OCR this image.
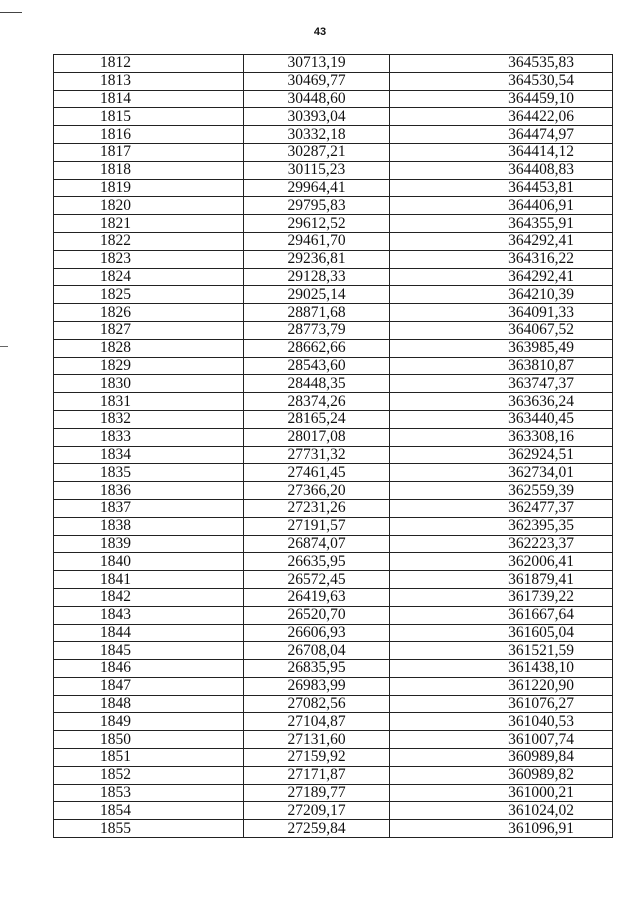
43
1812	30713,19	364535,83
1813	30469,77	364530,54
1814	30448,60	364459,10
1815	30393,04	364422,06
1816	30332,18	364474,97
1817	30287,21	364414,12
1818	30115,23	364408,83
1819	29964,41	364453,81
1820	29795,83	364406,91
1821	29612,52	364355,91
1822	29461,70	364292,41
1823	29236,81	364316,22
1824	29128,33	364292,41
1825	29025,14	364210,39
1826	28871,68	364091,33
1827	28773,79	364067,52
1828	28662,66	363985,49
1829	28543,60	363810,87
1830	28448,35	363747,37
1831	28374,26	363636,24
1832	28165,24	363440,45
1833	28017,08	363308,16
1834	27731,32	362924,51
1835	27461,45	362734,01
1836	27366,20	362559,39
1837	27231,26	362477,37
1838	27191,57	362395,35
1839	26874,07	362223,37
1840	26635,95	362006,41
1841	26572,45	361879,41
1842	26419,63	361739,22
1843	26520,70	361667,64
1844	26606,93	361605,04
1845	26708,04	361521,59
1846	26835,95	361438,10
1847	26983,99	361220,90
1848	27082,56	361076,27
1849	27104,87	361040,53
1850	27131,60	361007,74
1851	27159,92	360989,84
1852	27171,87	360989,82
1853	27189,77	361000,21
1854	27209,17	361024,02
1855	27259,84	361096,91
